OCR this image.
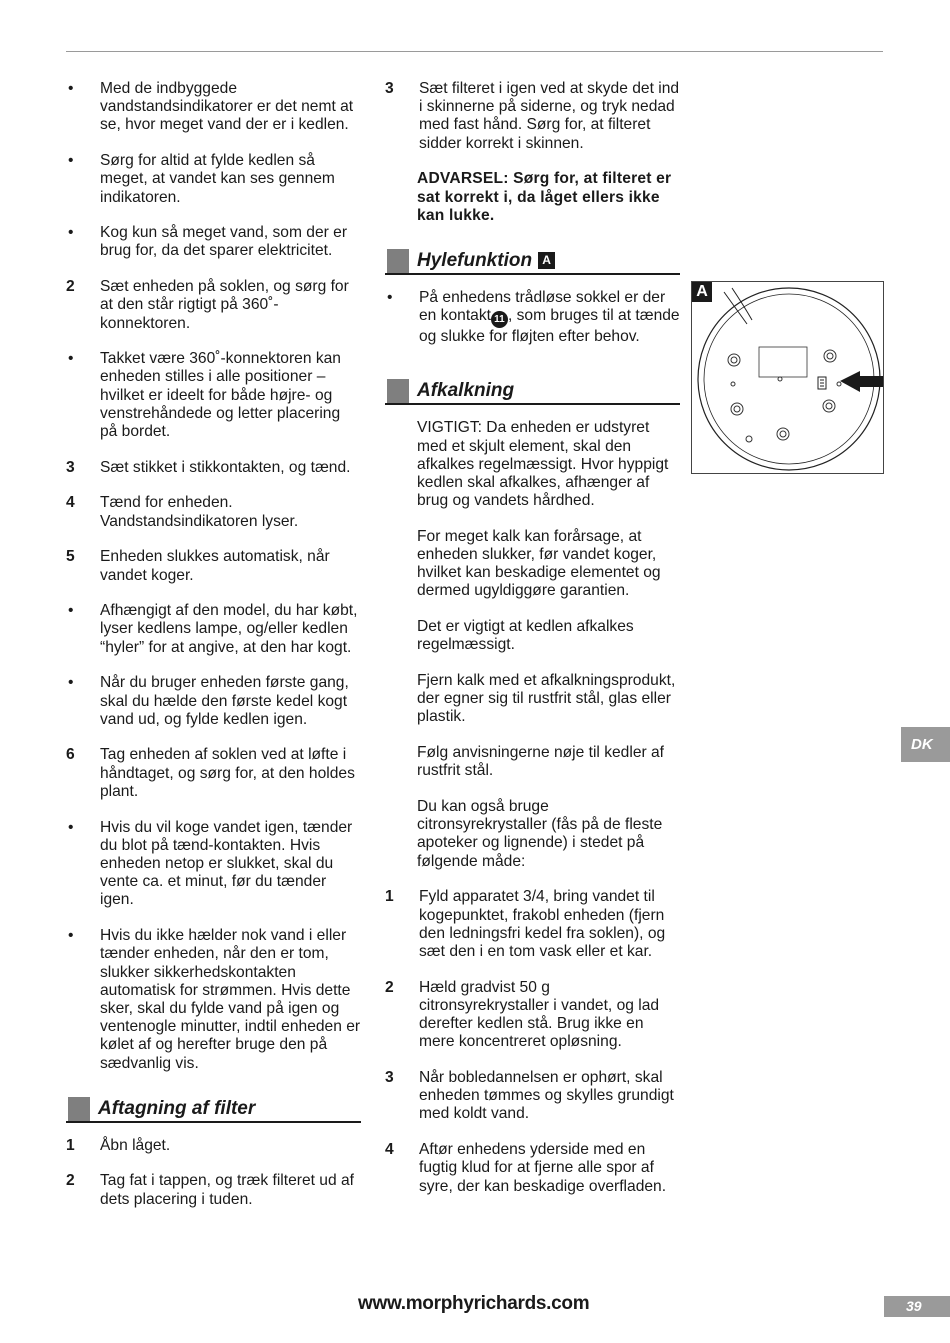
•	Med de indbyggede vandstandsindikatorer er det nemt at se, hvor meget vand der er i kedlen.
•	Sørg for altid at fylde kedlen så meget, at vandet kan ses gennem indikatoren.
•	Kog kun så meget vand, som der er brug for, da det sparer elektricitet.
2	Sæt enheden på soklen, og sørg for at den står rigtigt på 360˚-konnektoren.
•	Takket være 360˚-konnektoren kan enheden stilles i alle positioner – hvilket er ideelt for både højre- og venstrehåndede og letter placering på bordet.
3	Sæt stikket i stikkontakten, og tænd.
4	Tænd for enheden. Vandstandsindikatoren lyser.
5	Enheden slukkes automatisk, når vandet koger.
•	Afhængigt af den model, du har købt, lyser kedlens lampe, og/eller kedlen “hyler” for at angive, at den har kogt.
•	Når du bruger enheden første gang, skal du hælde den første kedel kogt vand ud, og fylde kedlen igen.
6	Tag enheden af soklen ved at løfte i håndtaget, og sørg for, at den holdes plant.
•	Hvis du vil koge vandet igen, tænder du blot på tænd-kontakten. Hvis enheden netop er slukket, skal du vente ca. et minut, før du tænder igen.
•	Hvis du ikke hælder nok vand i eller tænder enheden, når den er tom, slukker sikkerhedskontakten automatisk for strømmen. Hvis dette sker, skal du fylde vand på igen og ventenogle minutter, indtil enheden er kølet af og herefter bruge den på sædvanlig vis.
Aftagning af filter
1	Åbn låget.
2	Tag fat i tappen, og træk filteret ud af dets placering i tuden.
3	Sæt filteret i igen ved at skyde det ind i skinnerne på siderne, og tryk nedad med fast hånd. Sørg for, at filteret sidder korrekt i skinnen.
ADVARSEL: Sørg for, at filteret er sat korrekt i, da låget ellers ikke kan lukke.
Hylefunktion A
•	På enhedens trådløse sokkel er der en kontakt 11 , som bruges til at tænde og slukke for fløjten efter behov.
Afkalkning
VIGTIGT: Da enheden er udstyret med et skjult element, skal den afkalkes regelmæssigt. Hvor hyppigt kedlen skal afkalkes, afhænger af brug og vandets hårdhed.
For meget kalk kan forårsage, at enheden slukker, før vandet koger, hvilket kan beskadige elementet og dermed ugyldiggøre garantien.
Det er vigtigt at kedlen afkalkes regelmæssigt.
Fjern kalk med et afkalkningsprodukt, der egner sig til rustfrit stål, glas eller plastik.
Følg anvisningerne nøje til kedler af rustfrit stål.
Du kan også bruge citronsyrekrystaller (fås på de fleste apoteker og lignende) i stedet på følgende måde:
1	Fyld apparatet 3/4, bring vandet til kogepunktet, frakobl enheden (fjern den ledningsfri kedel fra soklen), og sæt den i en tom vask eller et kar.
2	Hæld gradvist 50 g citronsyrekrystaller i vandet, og lad derefter kedlen stå. Brug ikke en mere koncentreret opløsning.
3	Når bobledannelsen er ophørt, skal enheden tømmes og skylles grundigt med koldt vand.
4	Aftør enhedens yderside med en fugtig klud for at fjerne alle spor af syre, der kan beskadige overfladen.
A
DK
www.morphyrichards.com	39
